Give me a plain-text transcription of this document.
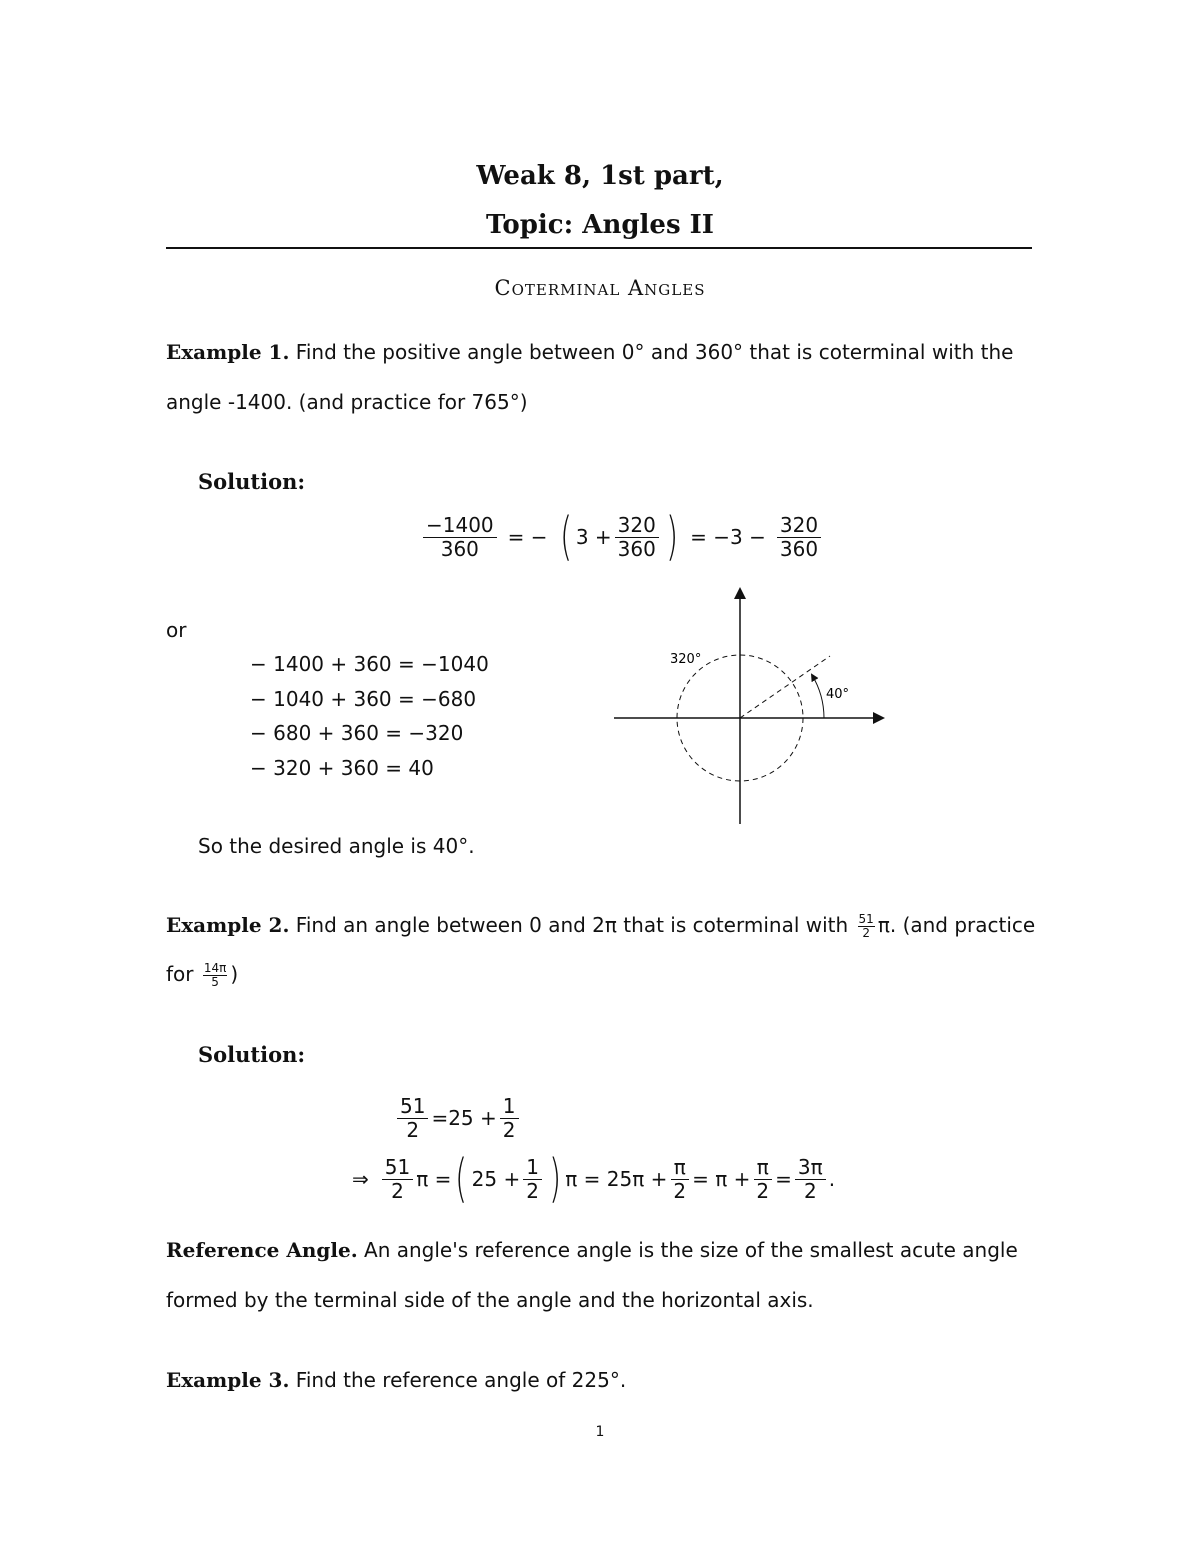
Weak 8, 1st part,
Topic: Angles II
Coterminal Angles
Example 1. Find the positive angle between 0° and 360° that is coterminal with the
angle -1400. (and practice for 765°)
Solution:
$\frac{-1400}{360}$ = − ( $3 + \frac{320}{360}$ ) = $-3 - \frac{320}{360}$
or
− 1400 + 360 = −1040
− 1040 + 360 = −680
− 680 + 360 = −320
− 320 + 360 = 40
320°
40°
So the desired angle is 40°.
Example 2. Find an angle between 0 and 2π that is coterminal with $\frac{51}{2} \pi$. (and practice
for $\frac{14\pi}{5}$ )
Solution:
$\frac{51}{2} =25 + \frac{1}{2}$
⇒ $\frac{51}{2}$ π = ( $25 + \frac{1}{2}$ ) $\pi = 25\pi + \frac{\pi}{2} = \pi + \frac{\pi}{2} = \frac{3\pi}{2}$ .
Reference Angle. An angle's reference angle is the size of the smallest acute angle
formed by the terminal side of the angle and the horizontal axis.
Example 3. Find the reference angle of 225°.
1
